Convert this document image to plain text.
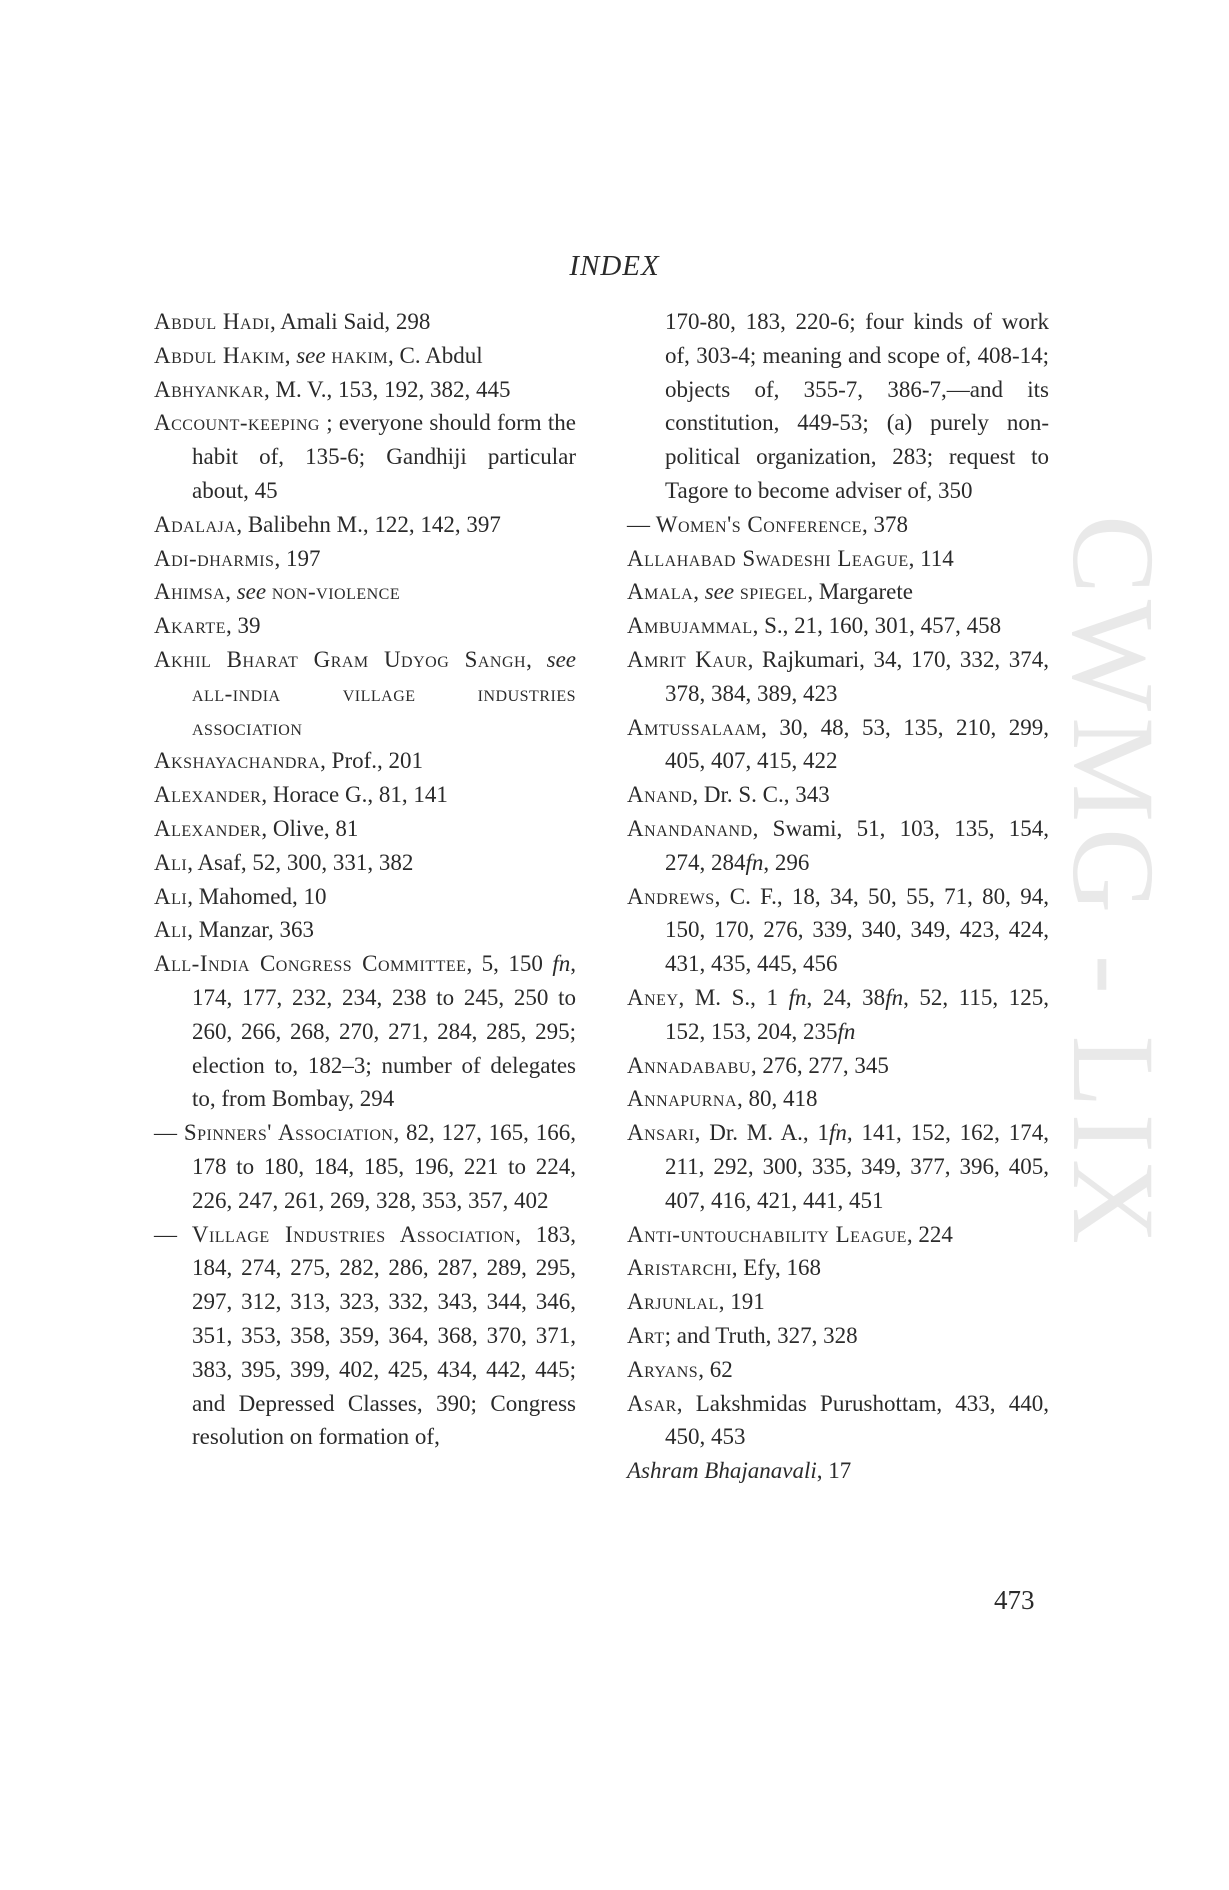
CWMG - LIX
INDEX
Abdul Hadi, Amali Said, 298
Abdul Hakim, see hakim, C. Abdul
Abhyankar, M. V., 153, 192, 382, 445
Account-keeping ; everyone should form the habit of, 135-6; Gandhiji particular about, 45
Adalaja, Balibehn M., 122, 142, 397
Adi-dharmis, 197
Ahimsa, see non-violence
Akarte, 39
Akhil Bharat Gram Udyog Sangh, see all-india village industries association
Akshayachandra, Prof., 201
Alexander, Horace G., 81, 141
Alexander, Olive, 81
Ali, Asaf, 52, 300, 331, 382
Ali, Mahomed, 10
Ali, Manzar, 363
All-India Congress Committee, 5, 150 fn, 174, 177, 232, 234, 238 to 245, 250 to 260, 266, 268, 270, 271, 284, 285, 295; election to, 182–3; number of delegates to, from Bombay, 294
— Spinners' Association, 82, 127, 165, 166, 178 to 180, 184, 185, 196, 221 to 224, 226, 247, 261, 269, 328, 353, 357, 402
— Village Industries Association, 183, 184, 274, 275, 282, 286, 287, 289, 295, 297, 312, 313, 323, 332, 343, 344, 346, 351, 353, 358, 359, 364, 368, 370, 371, 383, 395, 399, 402, 425, 434, 442, 445; and Depressed Classes, 390; Congress resolution on formation of,
170-80, 183, 220-6; four kinds of work of, 303-4; meaning and scope of, 408-14; objects of, 355-7, 386-7,—and its constitution, 449-53; (a) purely non-political organization, 283; request to Tagore to become adviser of, 350
— Women's Conference, 378
Allahabad Swadeshi League, 114
Amala, see spiegel, Margarete
Ambujammal, S., 21, 160, 301, 457, 458
Amrit Kaur, Rajkumari, 34, 170, 332, 374, 378, 384, 389, 423
Amtussalaam, 30, 48, 53, 135, 210, 299, 405, 407, 415, 422
Anand, Dr. S. C., 343
Anandanand, Swami, 51, 103, 135, 154, 274, 284fn, 296
Andrews, C. F., 18, 34, 50, 55, 71, 80, 94, 150, 170, 276, 339, 340, 349, 423, 424, 431, 435, 445, 456
Aney, M. S., 1 fn, 24, 38fn, 52, 115, 125, 152, 153, 204, 235fn
Annadababu, 276, 277, 345
Annapurna, 80, 418
Ansari, Dr. M. A., 1fn, 141, 152, 162, 174, 211, 292, 300, 335, 349, 377, 396, 405, 407, 416, 421, 441, 451
Anti-untouchability League, 224
Aristarchi, Efy, 168
Arjunlal, 191
Art; and Truth, 327, 328
Aryans, 62
Asar, Lakshmidas Purushottam, 433, 440, 450, 453
Ashram Bhajanavali, 17
473
